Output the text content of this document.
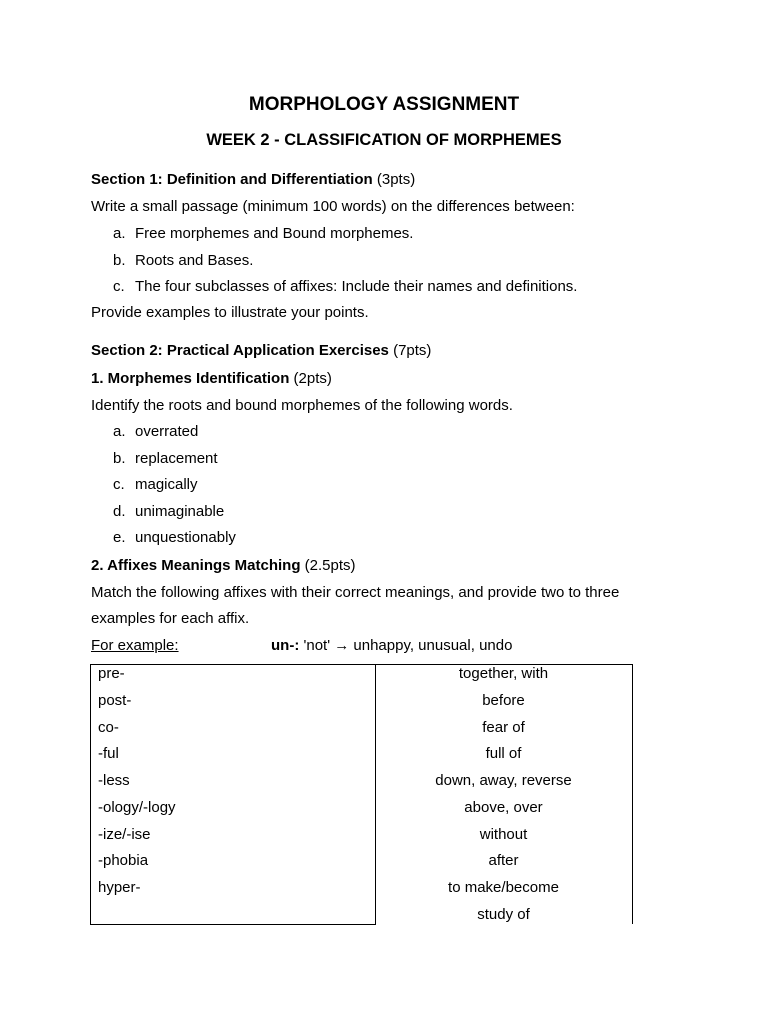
MORPHOLOGY ASSIGNMENT
WEEK 2 - CLASSIFICATION OF MORPHEMES
Section 1: Definition and Differentiation (3pts)
Write a small passage (minimum 100 words) on the differences between:
a. Free morphemes and Bound morphemes.
b. Roots and Bases.
c. The four subclasses of affixes: Include their names and definitions.
Provide examples to illustrate your points.
Section 2: Practical Application Exercises (7pts)
1. Morphemes Identification (2pts)
Identify the roots and bound morphemes of the following words.
a. overrated
b. replacement
c. magically
d. unimaginable
e. unquestionably
2. Affixes Meanings Matching (2.5pts)
Match the following affixes with their correct meanings, and provide two to three
examples for each affix.
For example:	un-: 'not' → unhappy, unusual, undo
pre-
post-
co-
-ful
-less
-ology/-logy
-ize/-ise
-phobia
hyper-
together, with
before
fear of
full of
down, away, reverse
above, over
without
after
to make/become
study of
